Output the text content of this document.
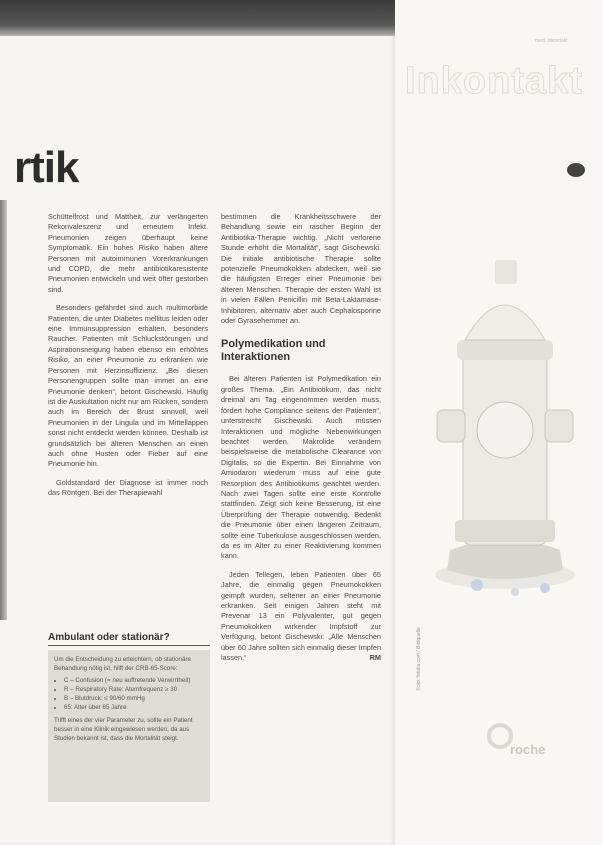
rtik

Schüttelfrost und Mattheit, zur verlängerten Rekonvaleszenz und erneutem Infekt. Pneumonien zeigen überhaupt keine Symptomatik. Ein hohes Risiko haben ältere Personen mit autoimmunen Vorerkrankungen und COPD, die mehr antibiotikaresistente Pneumonien entwickeln und weit öfter gestorben sind.

Besonders gefährdet sind auch multimorbide Patienten, die unter Diabetes mellitus leiden oder eine Immunsuppression erhalten, besonders Raucher. Patienten mit Schluckstörungen und Aspirationsneigung haben ebenso ein erhöhtes Risiko, an einer Pneumonie zu erkranken wie Personen mit Herzinsuffizienz. „Bei diesen Personengruppen sollte man immer an eine Pneumonie denken“, betont Gischewski. Häufig ist die Auskultation nicht nur am Rücken, sondern auch im Bereich der Brust sinnvoll, weil Pneumonien in der Lingula und im Mittellappen sonst nicht entdeckt werden können. Deshalb ist grundsätzlich bei älteren Menschen an einen auch ohne Husten oder Fieber auf eine Pneumonie hin.

Goldstandard der Diagnose ist immer noch das Röntgen. Bei der Therapiewahl

bestimmen die Krankheitsschwere der Behandlung sowie ein rascher Beginn der Antibiotika-Therapie wichtig. „Nicht verlorene Stunde erhöht die Mortalität“, sagt Gischewski. Die initiale antibiotische Therapie sollte potenzielle Pneumokokken abdecken, weil sie die häufigsten Erreger einer Pneumonie bei älteren Menschen. Therapie der ersten Wahl ist in vielen Fällen Penicillin mit Beta-Laktamase-Inhibitoren, alternativ aber auch Cephalosporine oder Gyrasehemmer an.

Polymedikation und Interaktionen

Bei älteren Patienten ist Polymedikation ein großes Thema. „Ein Antibiotikum, das nicht dreimal am Tag eingenommen werden muss, fördert hohe Compliance seitens der Patienten“, unterstreicht Gischewski. Auch müssen Interaktionen und mögliche Nebenwirkungen beachtet werden. Makrolide verändern beispielsweise die metabolische Clearance von Digitalis, so die Expertin. Bei Einnahme von Amiodaron wiederum muss auf eine gute Resorption des Antibiotikums geachtet werden. Nach zwei Tagen sollte eine erste Kontrolle stattfinden. Zeigt sich keine Besserung, ist eine Überprüfung der Therapie notwendig. Bedenkt die Pneumonie über einen längeren Zeitraum, sollte eine Tuberkulose ausgeschlossen werden, da es im Alter zu einer Reaktivierung kommen kann.

Jeden Tellegen, leben Patienten über 65 Jahre, die einmalig gegen Pneumokokken geimpft wurden, seltener an einer Pneumonie erkranken. Seit einigen Jahren steht mit Prevenar 13 ein Polyvalenter, gut gegen Pneumokokken wirkender Impfstoff zur Verfügung, betont Gischewski: „Alle Menschen über 60 Jahre sollten sich einmalig dieser Impfen lassen.“	RM

Ambulant oder stationär?

Um die Entscheidung zu erleichtern, ob stationäre Behandlung nötig ist, hilft der CRB-65-Score:

• C – Confusion (= neu auftretende Verwirrtheit)
• R – Respiratory Rate: Atemfrequenz ≥ 30
• B – Blutdruck: ≤ 90/60 mmHg
• 65: Alter über 65 Jahre

Trifft eines der vier Parameter zu, sollte ein Patient besser in eine Klinik eingewiesen werden, da aus Studien bekannt ist, dass die Mortalität steigt.

med. inkontakt
Inkontakt
Foto: fotolia.com / Bildquelle
roche
